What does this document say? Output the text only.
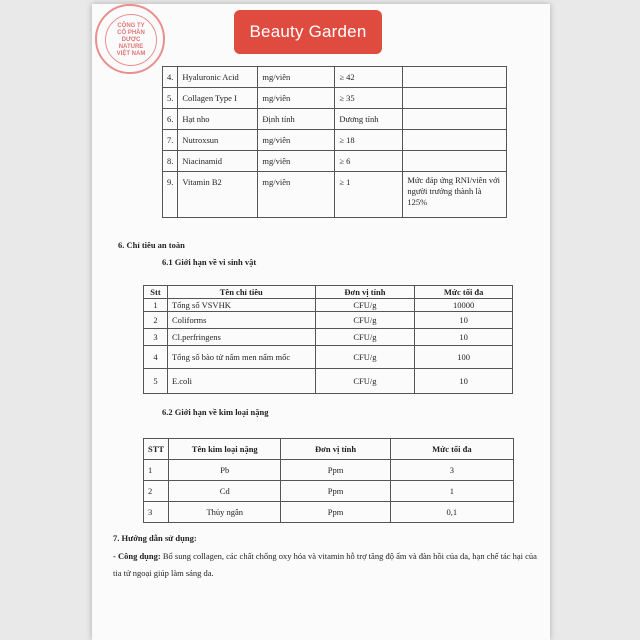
CÔNG TY
CỔ PHẦN
DƯỢC
NATURE
VIỆT NAM
Beauty Garden
4.	Hyaluronic Acid	mg/viên	≥ 42	
5.	Collagen Type I	mg/viên	≥ 35	
6.	Hạt nho	Định tính	Dương tính	
7.	Nutroxsun	mg/viên	≥ 18	
8.	Niacinamid	mg/viên	≥ 6	
9.	Vitamin B2	mg/viên	≥ 1	Mức đáp ứng RNI/viên với người trưởng thành là 125%
6. Chỉ tiêu an toàn
6.1 Giới hạn về vi sinh vật
Stt	Tên chỉ tiêu	Đơn vị tính	Mức tối đa
1	Tổng số VSVHK	CFU/g	10000
2	Coliforms	CFU/g	10
3	Cl.perfringens	CFU/g	10
4	Tổng số bào tử nấm men nấm mốc	CFU/g	100
5	E.coli	CFU/g	10
6.2 Giới hạn về kim loại nặng
STT	Tên kim loại nặng	Đơn vị tính	Mức tối đa
1	Pb	Ppm	3
2	Cd	Ppm	1
3	Thủy ngân	Ppm	0,1
7. Hướng dẫn sử dụng:
- Công dụng: Bổ sung collagen, các chất chống oxy hóa và vitamin hỗ trợ tăng độ ẩm và đàn hồi của da, hạn chế tác hại của tia tử ngoại giúp làm sáng da.
